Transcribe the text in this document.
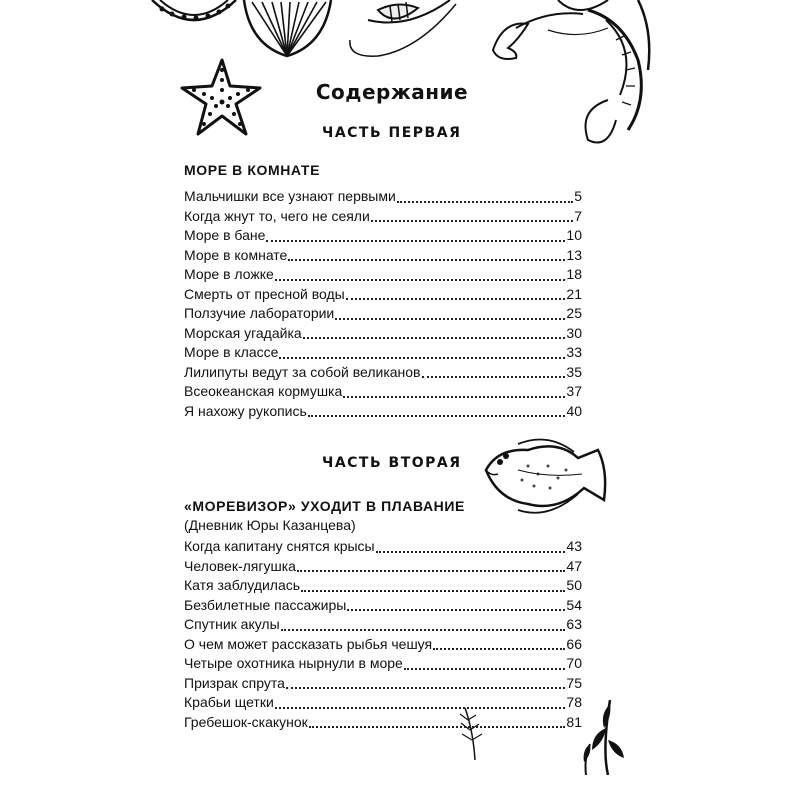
Содержание
ЧАСТЬ ПЕРВАЯ
МОРЕ В КОМНАТЕ
Мальчишки все узнают первыми	5
Когда жнут то, чего не сеяли	7
Море в бане	10
Море в комнате	13
Море в ложке	18
Смерть от пресной воды	21
Ползучие лаборатории	25
Морская угадайка	30
Море в классе	33
Лилипуты ведут за собой великанов	35
Всеокеанская кормушка	37
Я нахожу рукопись	40
ЧАСТЬ ВТОРАЯ
«МОРЕВИЗОР» УХОДИТ В ПЛАВАНИЕ
(Дневник Юры Казанцева)
Когда капитану снятся крысы	43
Человек-лягушка	47
Катя заблудилась	50
Безбилетные пассажиры	54
Спутник акулы	63
О чем может рассказать рыбья чешуя	66
Четыре охотника нырнули в море	70
Призрак спрута	75
Крабьи щетки	78
Гребешок-скакунок	81
